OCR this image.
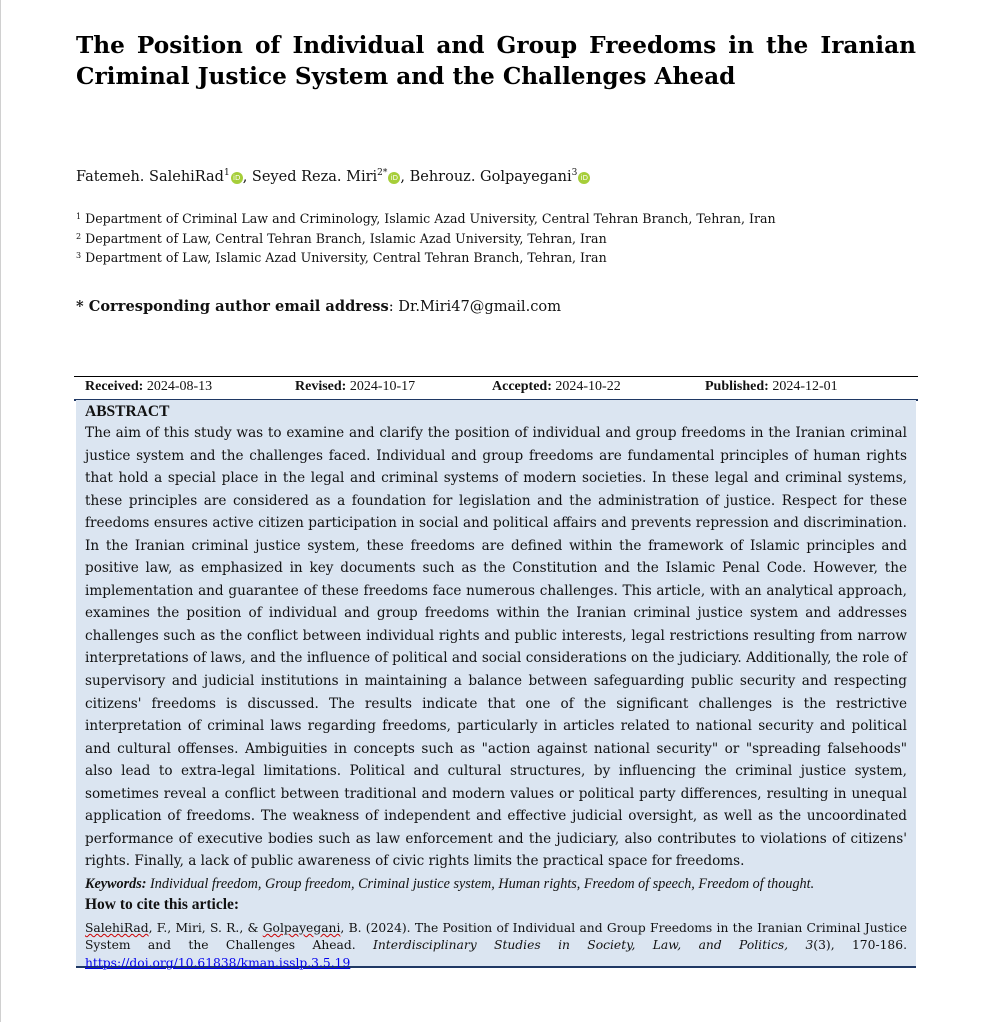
The Position of Individual and Group Freedoms in the Iranian Criminal Justice System and the Challenges Ahead
Fatemeh. SalehiRad$^1$ iD , Seyed Reza. Miri$^{2*}$ iD , Behrouz. Golpayegani$^3$ iD
$^1$ Department of Criminal Law and Criminology, Islamic Azad University, Central Tehran Branch, Tehran, Iran
$^2$ Department of Law, Central Tehran Branch, Islamic Azad University, Tehran, Iran
$^3$ Department of Law, Islamic Azad University, Central Tehran Branch, Tehran, Iran
* Corresponding author email address: Dr.Miri47@gmail.com
Received: 2024-08-13	Revised: 2024-10-17	Accepted: 2024-10-22	Published: 2024-12-01
ABSTRACT

The aim of this study was to examine and clarify the position of individual and group freedoms in the Iranian criminal justice system and the challenges faced. Individual and group freedoms are fundamental principles of human rights that hold a special place in the legal and criminal systems of modern societies. In these legal and criminal systems, these principles are considered as a foundation for legislation and the administration of justice. Respect for these freedoms ensures active citizen participation in social and political affairs and prevents repression and discrimination. In the Iranian criminal justice system, these freedoms are defined within the framework of Islamic principles and positive law, as emphasized in key documents such as the Constitution and the Islamic Penal Code. However, the implementation and guarantee of these freedoms face numerous challenges. This article, with an analytical approach, examines the position of individual and group freedoms within the Iranian criminal justice system and addresses challenges such as the conflict between individual rights and public interests, legal restrictions resulting from narrow interpretations of laws, and the influence of political and social considerations on the judiciary. Additionally, the role of supervisory and judicial institutions in maintaining a balance between safeguarding public security and respecting citizens' freedoms is discussed. The results indicate that one of the significant challenges is the restrictive interpretation of criminal laws regarding freedoms, particularly in articles related to national security and political and cultural offenses. Ambiguities in concepts such as "action against national security" or "spreading falsehoods" also lead to extra-legal limitations. Political and cultural structures, by influencing the criminal justice system, sometimes reveal a conflict between traditional and modern values or political party differences, resulting in unequal application of freedoms. The weakness of independent and effective judicial oversight, as well as the uncoordinated performance of executive bodies such as law enforcement and the judiciary, also contributes to violations of citizens' rights. Finally, a lack of public awareness of civic rights limits the practical space for freedoms.

Keywords: Individual freedom, Group freedom, Criminal justice system, Human rights, Freedom of speech, Freedom of thought.
How to cite this article:

SalehiRad, F., Miri, S. R., & Golpayegani, B. (2024). The Position of Individual and Group Freedoms in the Iranian Criminal Justice System and the Challenges Ahead. Interdisciplinary Studies in Society, Law, and Politics, 3(3), 170-186. https://doi.org/10.61838/kman.isslp.3.5.19
